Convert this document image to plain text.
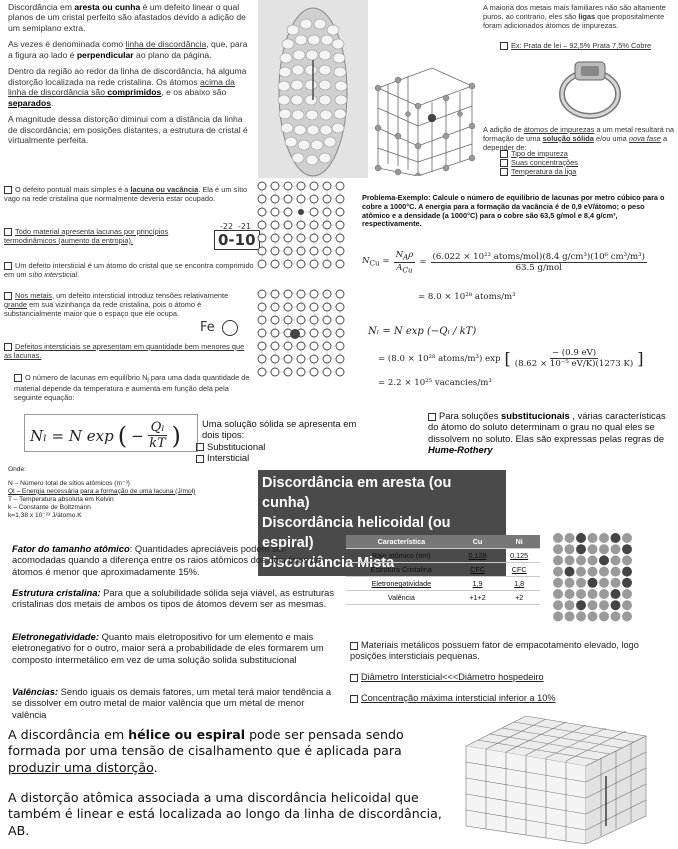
Discordância em aresta ou cunha é um defeito linear o qual planos de um cristal perfeito são afastados devido a adição de um semiplano extra.

As vezes é denominada como linha de discordância, que, para a figura ao lado é perpendicular ao plano da página.

Dentro da região ao redor da linha de discordância, há alguma distorção localizada na rede cristalina. Os átomos acima da linha de discordância são comprimidos, e os abaixo são separados.

A magnitude dessa distorção diminui com a distância da linha de discordância; em posições distantes, a estrutura de cristal é virtualmente perfeita.

A maioria dos metais mais familiares não são altamente puros, ao contrario, eles são ligas que propositalmente foram adicionados átomos de impurezas.
Ex: Prata de lei – 92,5% Prata 7,5% Cobre
A adição de átomos de impurezas a um metal resultará na formação de uma solução sólida e/ou uma nova fase a depender de:
Tipo de impureza
Suas concentrações
Temperatura da liga
O defeito pontual mais simples é a lacuna ou vacância. Ela é um sítio vago na rede cristalina que normalmente deveria estar ocupado.
Todo material apresenta lacunas por princípios termodinâmicos (aumento da entropia).
Um defeito intersticial é um átomo do cristal que se encontra comprimido em um sítio intersticial.
Nos metais, um defeito intersticial introduz tensões relativamente grande em sua vizinhança da rede cristalina, pois o átomo é substancialmente maior que o espaço que ele ocupa.
Defeitos intersticiais se apresentam em quantidade bem menores que as lacunas.
O número de lacunas em equilíbrio $N_l$ para uma dada quantidade de material depende da temperatura e aumenta em função dela pela seguinte equação:
0-10
-22 -21
Fe
Problema-Exemplo: Calcule o número de equilíbrio de lacunas por metro cúbico para o cobre a 1000°C. A energia para a formação da vacância é de 0,9 eV/átomo; o peso atômico e a densidade (a 1000°C) para o cobre são 63,5 g/mol e 8,4 g/cm³, respectivamente.
$N_{Cu}$ =
$N_A\rho$
$A_{Cu}$
=
(6.022 × 10²³ atoms/mol)(8.4 g/cm³)(10⁶ cm³/m³)
63.5 g/mol
= 8.0 × 10²⁸ atoms/m³
Nₗ = N exp (−Qₗ / kT)
= (8.0 × 10²⁸ atoms/m³) exp [	− (0.9 eV)
(8.62 × 10⁻⁵ eV/K)(1273 K) ]
= 2.2 × 10²⁵ vacancies/m³
Nₗ = N exp ( − $\frac{\text{Qₗ}}{kT}$ ) Uma solução sólida se apresenta em dois tipos:
Substitucional
Intersticial
Para soluções substitucionais , várias características do átomo do soluto determinam o grau no qual eles se dissolvem no soluto. Elas são expressas pelas regras de Hume-Rothery
Onde:
N – Número total de sítios atômicos (m⁻³)
Ql – Energia necessária para a formação de uma lacuna (J/mol)
T – Temperatura absoluta em Kelvin
k – Constante de Boltzmann
k=1,38 x 10⁻²³ J/átomo.K
Discordância em aresta (ou cunha)
Discordância helicoidal (ou espiral)
Discordância Mista
Característica	Cu	Ni
Raio atômico (nm)	0,128	0,125
Estrutura Cristalina	CFC	CFC
Eletronegatividade	1,9	1,8
Valência	+1+2	+2
Fator do tamanho atômico: Quantidades apreciáveis podem ser acomodadas quando a diferença entre os raios atômicos dos dois tipos de átomos é menor que aproximadamente 15%.
Estrutura cristalina: Para que a solubilidade sólida seja viável, as estruturas cristalinas dos metais de ambos os tipos de átomos devem ser as mesmas.
Eletronegatividade: Quanto mais eletropositivo for um elemento e mais eletronegativo for o outro, maior será a probabilidade de eles formarem um composto intermetálico em vez de uma solução solida substitucional
Valências: Sendo iguais os demais fatores, um metal terá maior tendência a se dissolver em outro metal de maior valência que um metal de menor valência
Materiais metálicos possuem fator de empacotamento elevado, logo posições intersticiais pequenas.
Diâmetro Intersticial<<<Diâmetro hospedeiro
Concentração máxima intersticial inferior a 10%
A discordância em hélice ou espiral pode ser pensada sendo formada por uma tensão de cisalhamento que é aplicada para produzir uma distorção.
A distorção atômica associada a uma discordância helicoidal que também é linear e está localizada ao longo da linha de discordância, AB.
